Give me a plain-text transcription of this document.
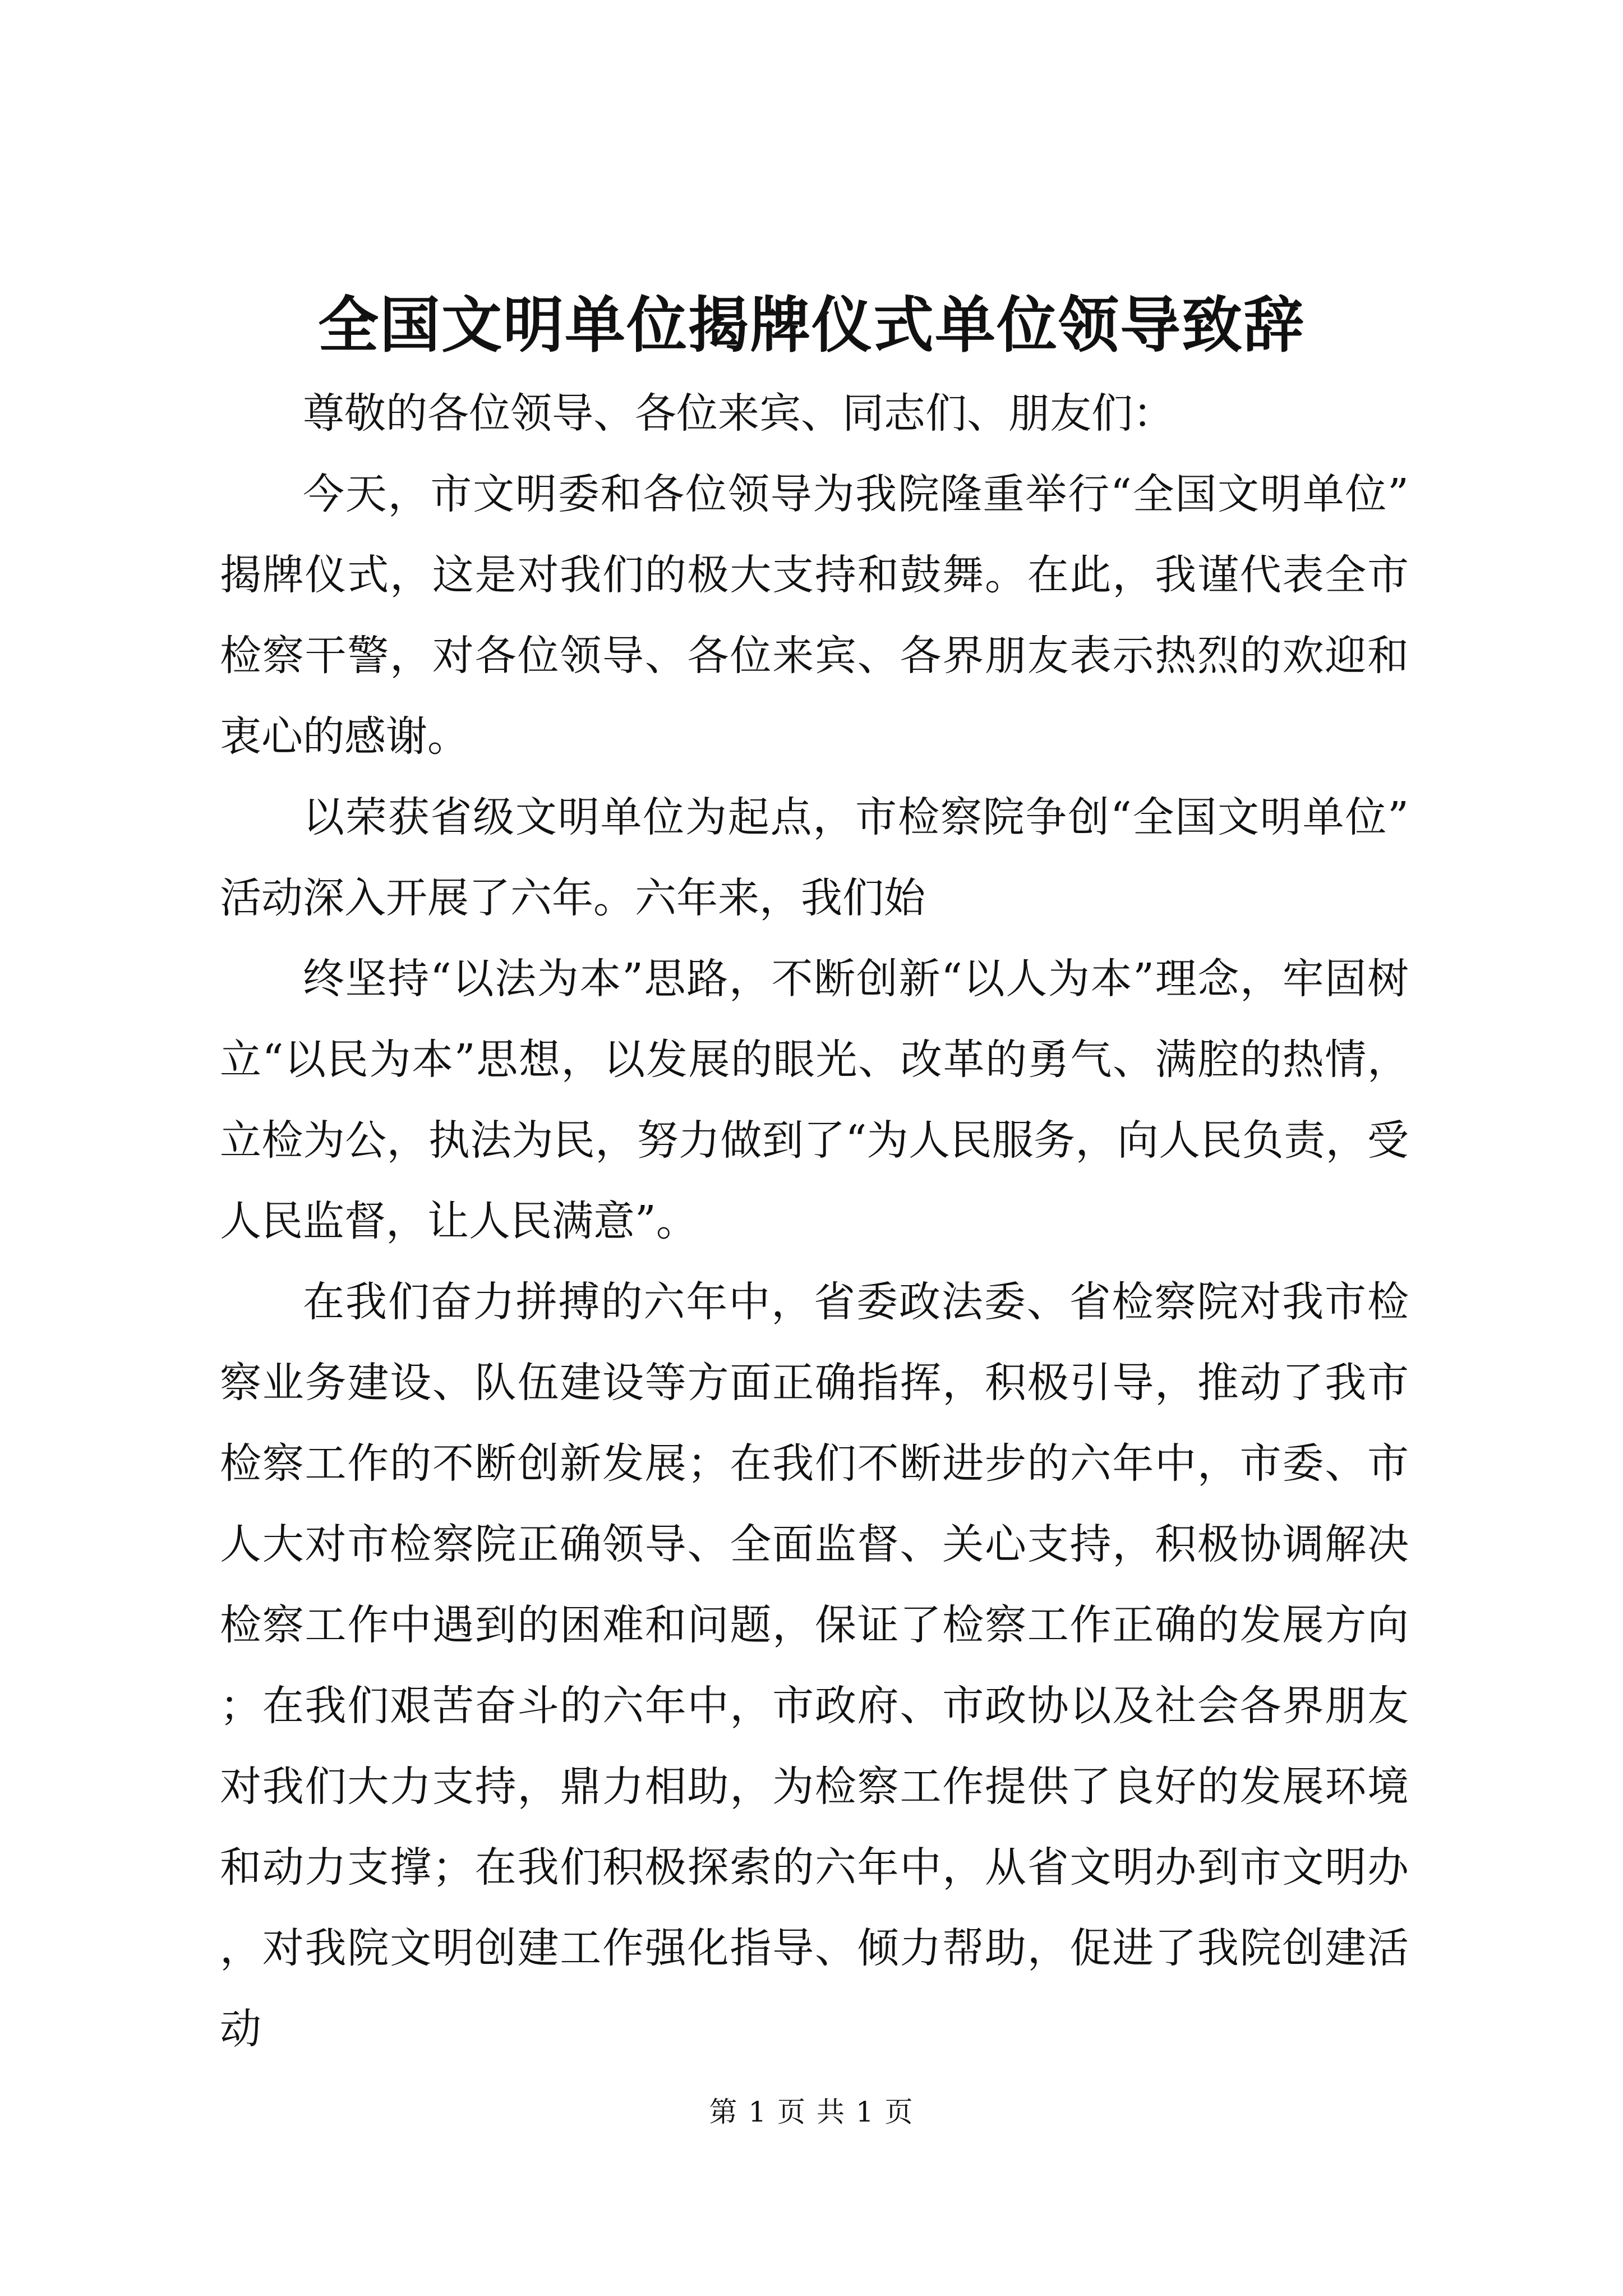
全国文明单位揭牌仪式单位领导致辞

尊敬的各位领导、各位来宾、同志们、朋友们：

今天，市文明委和各位领导为我院隆重举行“全国文明单位”揭牌仪式，这是对我们的极大支持和鼓舞。在此，我谨代表全市检察干警，对各位领导、各位来宾、各界朋友表示热烈的欢迎和衷心的感谢。

以荣获省级文明单位为起点，市检察院争创“全国文明单位”活动深入开展了六年。六年来，我们始

终坚持“以法为本”思路，不断创新“以人为本”理念，牢固树立“以民为本”思想，以发展的眼光、改革的勇气、满腔的热情，立检为公，执法为民，努力做到了“为人民服务，向人民负责，受人民监督，让人民满意”。

在我们奋力拼搏的六年中，省委政法委、省检察院对我市检察业务建设、队伍建设等方面正确指挥，积极引导，推动了我市检察工作的不断创新发展；在我们不断进步的六年中，市委、市人大对市检察院正确领导、全面监督、关心支持，积极协调解决检察工作中遇到的困难和问题，保证了检察工作正确的发展方向；在我们艰苦奋斗的六年中，市政府、市政协以及社会各界朋友对我们大力支持，鼎力相助，为检察工作提供了良好的发展环境和动力支撑；在我们积极探索的六年中，从省文明办到市文明办，对我院文明创建工作强化指导、倾力帮助，促进了我院创建活动

第 1 页 共 1 页
